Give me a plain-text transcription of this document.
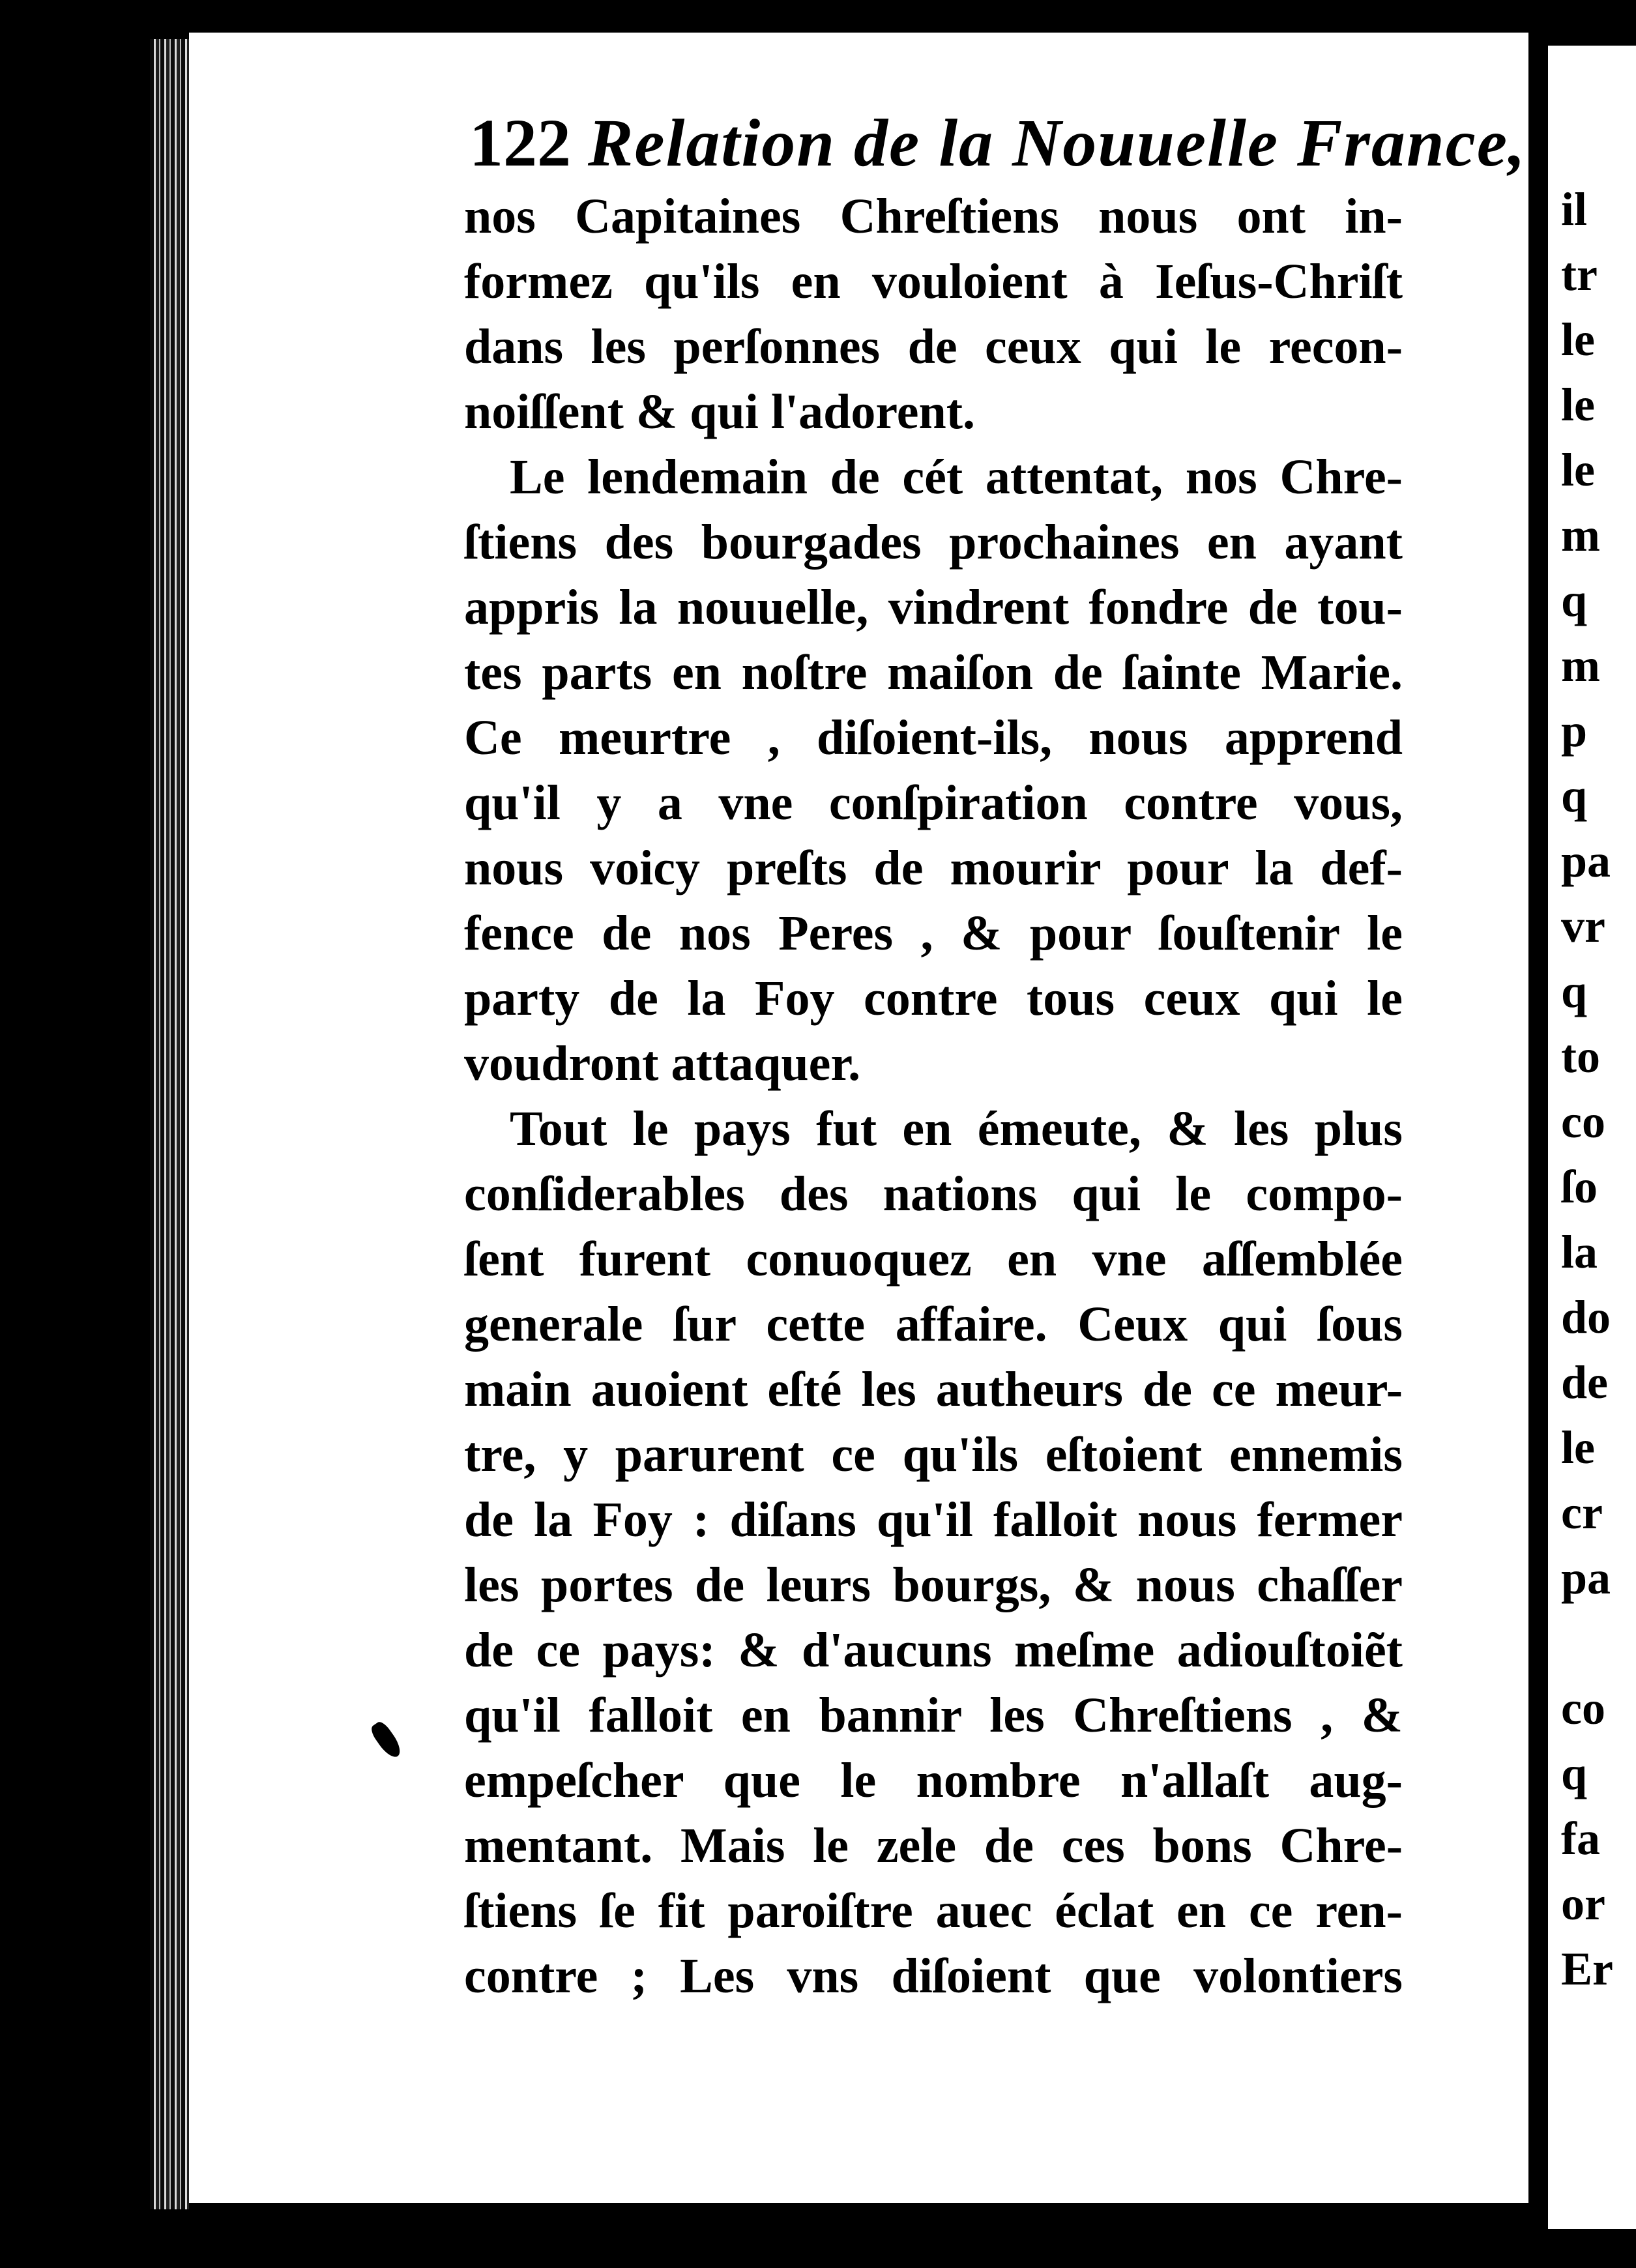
122 Relation de la Nouuelle France,
nos Capitaines Chreſtiens nous ont in-
formez qu'ils en vouloient à Ieſus-Chriſt
dans les perſonnes de ceux qui le recon-
noiſſent & qui l'adorent.
Le lendemain de cét attentat, nos Chre-
ſtiens des bourgades prochaines en ayant
appris la nouuelle, vindrent fondre de tou-
tes parts en noſtre maiſon de ſainte Marie.
Ce meurtre , diſoient-ils, nous apprend
qu'il y a vne conſpiration contre vous,
nous voicy preſts de mourir pour la def-
fence de nos Peres , & pour ſouſtenir le
party de la Foy contre tous ceux qui le
voudront attaquer.
Tout le pays fut en émeute, & les plus
conſiderables des nations qui le compo-
ſent furent conuoquez en vne aſſemblée
generale ſur cette affaire. Ceux qui ſous
main auoient eſté les autheurs de ce meur-
tre, y parurent ce qu'ils eſtoient ennemis
de la Foy : diſans qu'il falloit nous fermer
les portes de leurs bourgs, & nous chaſſer
de ce pays: & d'aucuns meſme adiouſtoiẽt
qu'il falloit en bannir les Chreſtiens , &
empeſcher que le nombre n'allaſt aug-
mentant. Mais le zele de ces bons Chre-
ſtiens ſe fit paroiſtre auec éclat en ce ren-
contre ; Les vns diſoient que volontiers
il
tr
le
le
le
m
q
m
p
q
pa
vr
q
to
co
ſo
la
do
de
le
cr
pa
co
q
fa
or
Er
